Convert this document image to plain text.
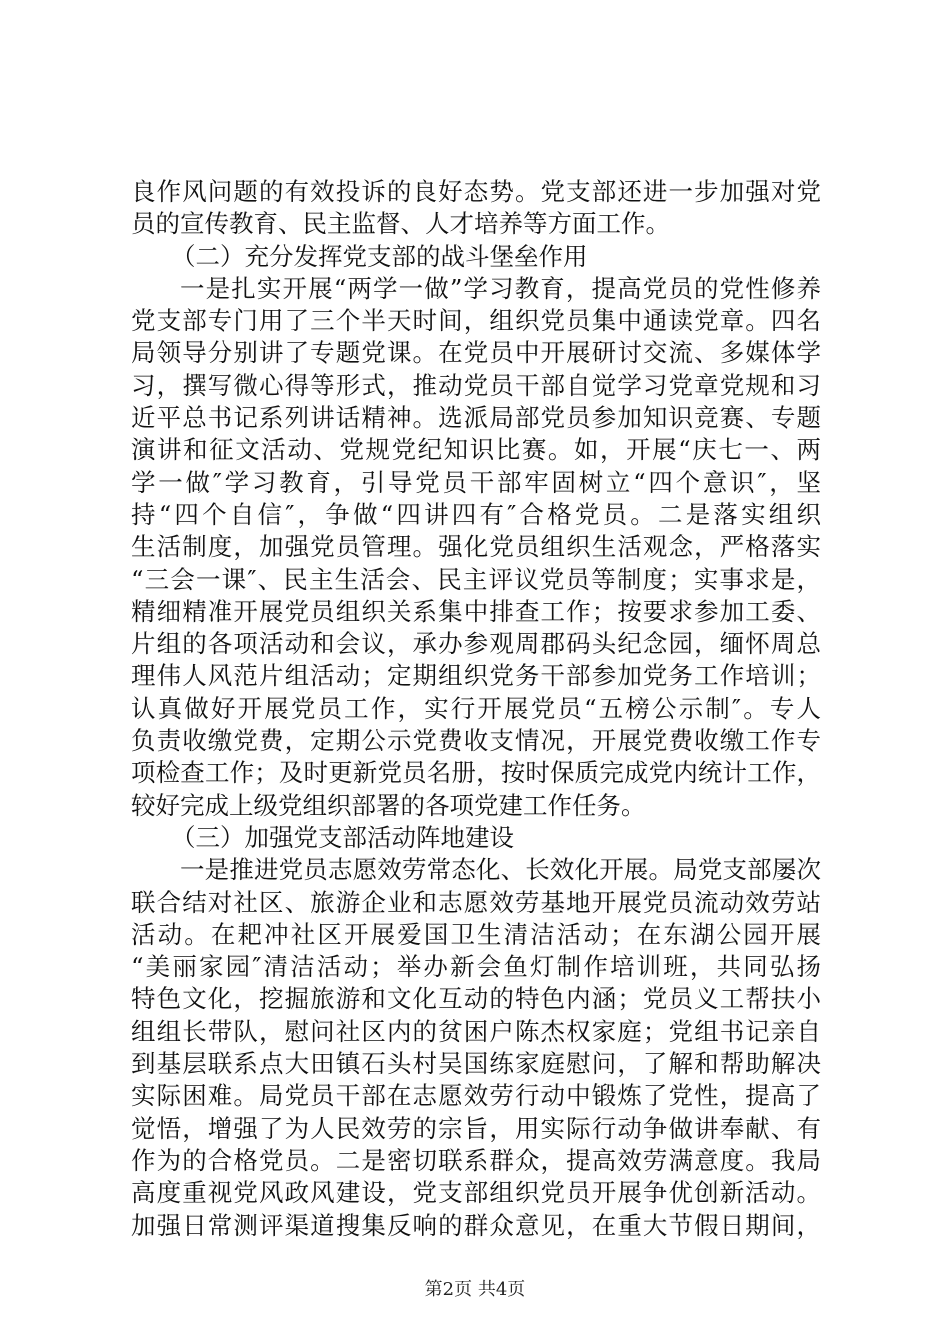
良作风问题的有效投诉的良好态势。党支部还进一步加强对党
员的宣传教育、民主监督、人才培养等方面工作。
（二）充分发挥党支部的战斗堡垒作用
一是扎实开展“两学一做”学习教育，提高党员的党性修养
党支部专门用了三个半天时间，组织党员集中通读党章。四名
局领导分别讲了专题党课。在党员中开展研讨交流、多媒体学
习，撰写微心得等形式，推动党员干部自觉学习党章党规和习
近平总书记系列讲话精神。选派局部党员参加知识竞赛、专题
演讲和征文活动、党规党纪知识比赛。如，开展“庆七一、两
学一做″学习教育，引导党员干部牢固树立“四个意识″，坚
持“四个自信″，争做“四讲四有″合格党员。二是落实组织
生活制度，加强党员管理。强化党员组织生活观念，严格落实
“三会一课″、民主生活会、民主评议党员等制度；实事求是，
精细精准开展党员组织关系集中排查工作；按要求参加工委、
片组的各项活动和会议，承办参观周郡码头纪念园，缅怀周总
理伟人风范片组活动；定期组织党务干部参加党务工作培训；
认真做好开展党员工作，实行开展党员“五榜公示制″。专人
负责收缴党费，定期公示党费收支情况，开展党费收缴工作专
项检查工作；及时更新党员名册，按时保质完成党内统计工作，
较好完成上级党组织部署的各项党建工作任务。
（三）加强党支部活动阵地建设
一是推进党员志愿效劳常态化、长效化开展。局党支部屡次
联合结对社区、旅游企业和志愿效劳基地开展党员流动效劳站
活动。在耙冲社区开展爱国卫生清洁活动；在东湖公园开展
“美丽家园″清洁活动；举办新会鱼灯制作培训班，共同弘扬
特色文化，挖掘旅游和文化互动的特色内涵；党员义工帮扶小
组组长带队，慰问社区内的贫困户陈杰权家庭；党组书记亲自
到基层联系点大田镇石头村吴国练家庭慰问，了解和帮助解决
实际困难。局党员干部在志愿效劳行动中锻炼了党性，提高了
觉悟，增强了为人民效劳的宗旨，用实际行动争做讲奉献、有
作为的合格党员。二是密切联系群众，提高效劳满意度。我局
高度重视党风政风建设，党支部组织党员开展争优创新活动。
加强日常测评渠道搜集反响的群众意见，在重大节假日期间，
第2页 共4页
